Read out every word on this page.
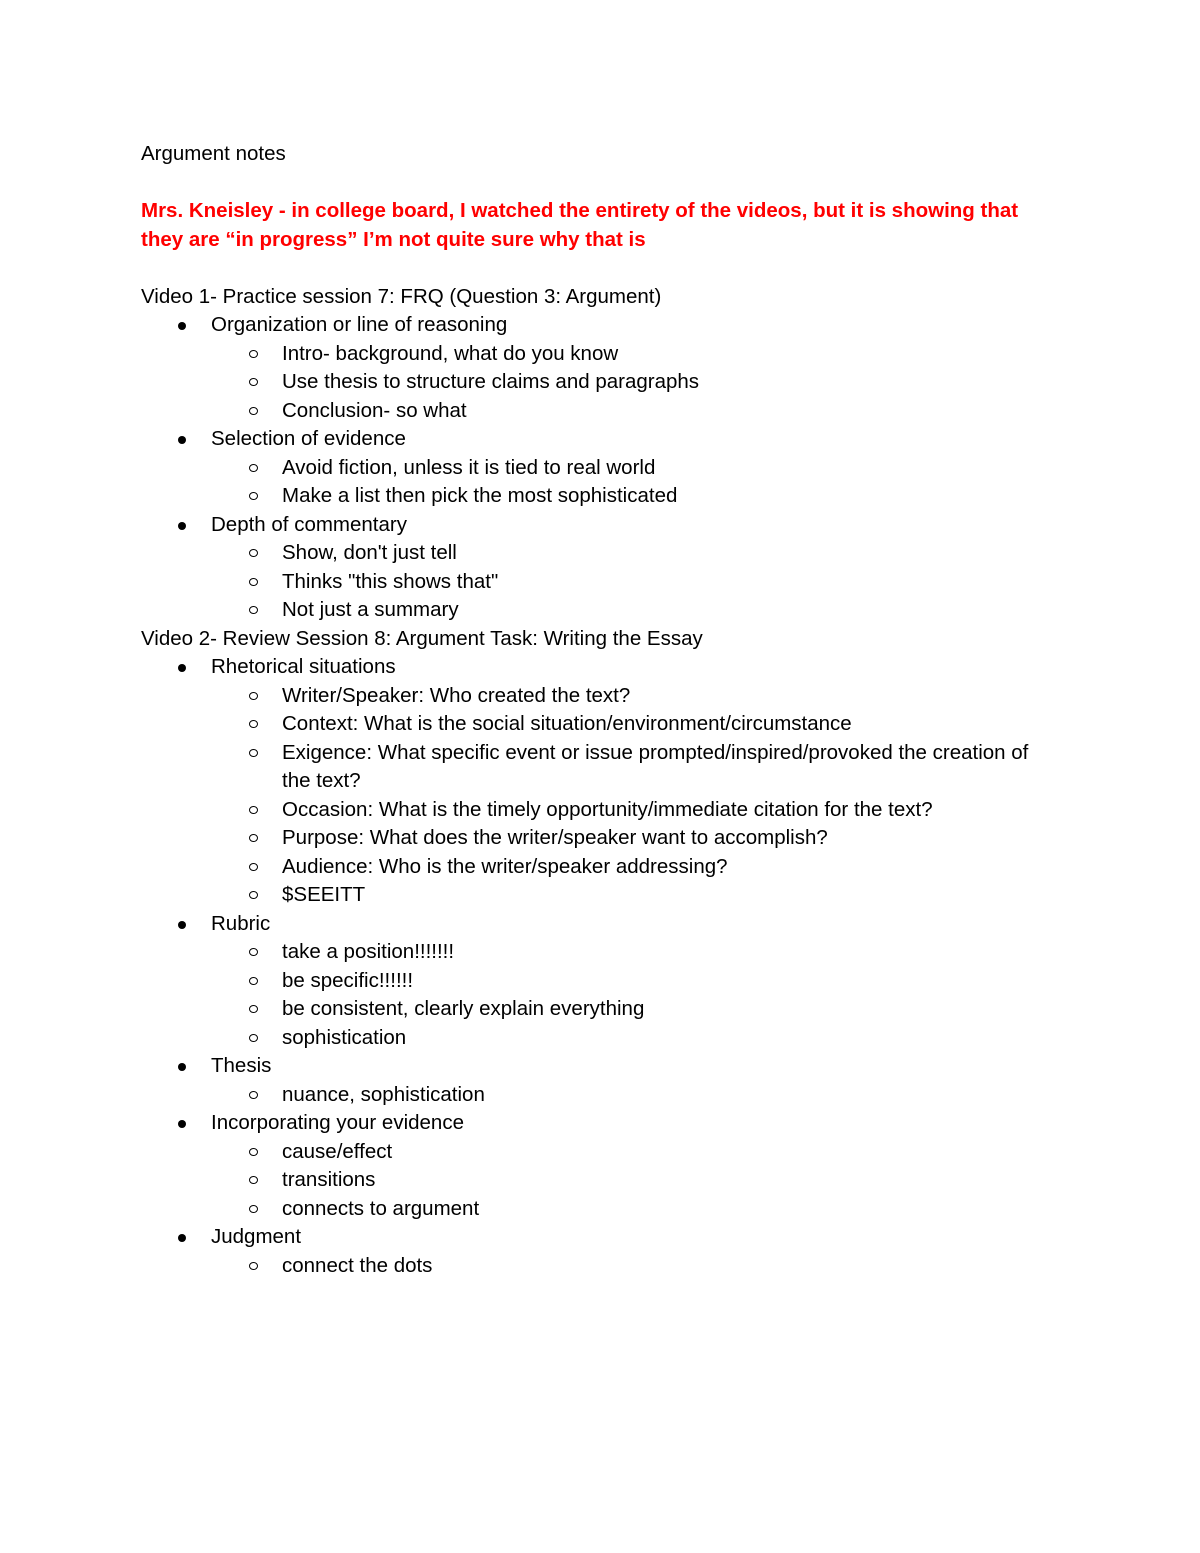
Argument notes

Mrs. Kneisley - in college board, I watched the entirety of the videos, but it is showing that they are “in progress” I’m not quite sure why that is

Video 1- Practice session 7: FRQ (Question 3: Argument)

Organization or line of reasoning
Intro- background, what do you know
Use thesis to structure claims and paragraphs
Conclusion- so what
Selection of evidence
Avoid fiction, unless it is tied to real world
Make a list then pick the most sophisticated
Depth of commentary
Show, don't just tell
Thinks "this shows that"
Not just a summary

Video 2- Review Session 8: Argument Task: Writing the Essay

Rhetorical situations
Writer/Speaker: Who created the text?
Context: What is the social situation/environment/circumstance
Exigence: What specific event or issue prompted/inspired/provoked the creation of the text?
Occasion: What is the timely opportunity/immediate citation for the text?
Purpose: What does the writer/speaker want to accomplish?
Audience: Who is the writer/speaker addressing?
$SEEITT
Rubric
take a position!!!!!!!
be specific!!!!!!
be consistent, clearly explain everything
sophistication
Thesis
nuance, sophistication
Incorporating your evidence
cause/effect
transitions
connects to argument
Judgment
connect the dots
